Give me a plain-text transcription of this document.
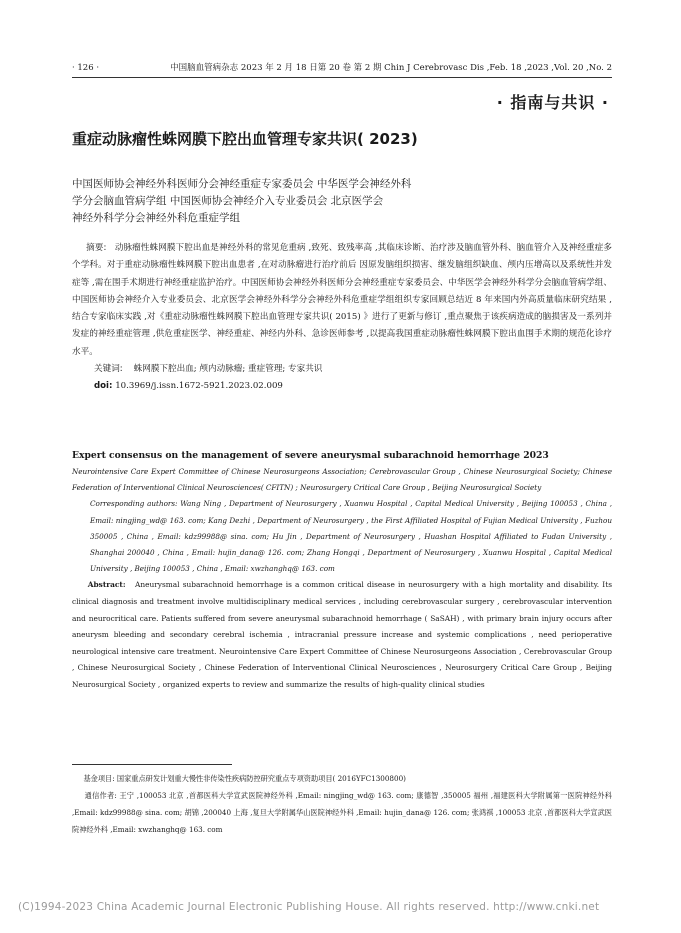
· 126 ·	中国脑血管病杂志 2023 年 2 月 18 日第 20 卷 第 2 期 Chin J Cerebrovasc Dis ,Feb. 18 ,2023 ,Vol. 20 ,No. 2
· 指南与共识 ·
重症动脉瘤性蛛网膜下腔出血管理专家共识( 2023)
中国医师协会神经外科医师分会神经重症专家委员会 中华医学会神经外科
学分会脑血管病学组 中国医师协会神经介入专业委员会 北京医学会
神经外科学分会神经外科危重症学组

摘要: 动脉瘤性蛛网膜下腔出血是神经外科的常见危重病 ,致死、致残率高 ,其临床诊断、治疗涉及脑血管外科、脑血管介入及神经重症多个学科。对于重症动脉瘤性蛛网膜下腔出血患者 ,在对动脉瘤进行治疗前后 因原发脑组织损害、继发脑组织缺血、颅内压增高以及系统性并发症等 ,需在围手术期进行神经重症监护治疗。中国医师协会神经外科医师分会神经重症专家委员会、中华医学会神经外科学分会脑血管病学组、中国医师协会神经介入专业委员会、北京医学会神经外科学分会神经外科危重症学组组织专家回顾总结近 8 年来国内外高质量临床研究结果 ,结合专家临床实践 ,对《重症动脉瘤性蛛网膜下腔出血管理专家共识( 2015) 》进行了更新与修订 ,重点聚焦于该疾病造成的脑损害及一系列并发症的神经重症管理 ,供危重症医学、神经重症、神经内外科、急诊医师参考 ,以提高我国重症动脉瘤性蛛网膜下腔出血围手术期的规范化诊疗水平。

关键词: 蛛网膜下腔出血; 颅内动脉瘤; 重症管理; 专家共识

doi: 10.3969/j.issn.1672-5921.2023.02.009

Expert consensus on the management of severe aneurysmal subarachnoid hemorrhage 2023

Neurointensive Care Expert Committee of Chinese Neurosurgeons Association; Cerebrovascular Group , Chinese Neurosurgical Society; Chinese Federation of Interventional Clinical Neurosciences( CFITN) ; Neurosurgery Critical Care Group , Beijing Neurosurgical Society

Corresponding authors: Wang Ning , Department of Neurosurgery , Xuanwu Hospital , Capital Medical University , Beijing 100053 , China , Email: ningjing_wd@ 163. com; Kang Dezhi , Department of Neurosurgery , the First Affiliated Hospital of Fujian Medical University , Fuzhou 350005 , China , Email: kdz99988@ sina. com; Hu Jin , Department of Neurosurgery , Huashan Hospital Affiliated to Fudan University , Shanghai 200040 , China , Email: hujin_dana@ 126. com; Zhang Hongqi , Department of Neurosurgery , Xuanwu Hospital , Capital Medical University , Beijing 100053 , China , Email: xwzhanghq@ 163. com

Abstract: Aneurysmal subarachnoid hemorrhage is a common critical disease in neurosurgery with a high mortality and disability. Its clinical diagnosis and treatment involve multidisciplinary medical services , including cerebrovascular surgery , cerebrovascular intervention and neurocritical care. Patients suffered from severe aneurysmal subarachnoid hemorrhage ( SaSAH) , with primary brain injury occurs after aneurysm bleeding and secondary cerebral ischemia , intracranial pressure increase and systemic complications , need perioperative neurological intensive care treatment. Neurointensive Care Expert Committee of Chinese Neurosurgeons Association , Cerebrovascular Group , Chinese Neurosurgical Society , Chinese Federation of Interventional Clinical Neurosciences , Neurosurgery Critical Care Group , Beijing Neurosurgical Society , organized experts to review and summarize the results of high-quality clinical studies

基金项目: 国家重点研发计划重大慢性非传染性疾病防控研究重点专项资助项目( 2016YFC1300800)

通信作者: 王宁 ,100053 北京 ,首都医科大学宣武医院神经外科 ,Email: ningjing_wd@ 163. com; 康德智 ,350005 福州 ,福建医科大学附属第一医院神经外科 ,Email: kdz99988@ sina. com; 胡锦 ,200040 上海 ,复旦大学附属华山医院神经外科 ,Email: hujin_dana@ 126. com; 张鸿祺 ,100053 北京 ,首都医科大学宣武医院神经外科 ,Email: xwzhanghq@ 163. com

(C)1994-2023 China Academic Journal Electronic Publishing House. All rights reserved. http://www.cnki.net
